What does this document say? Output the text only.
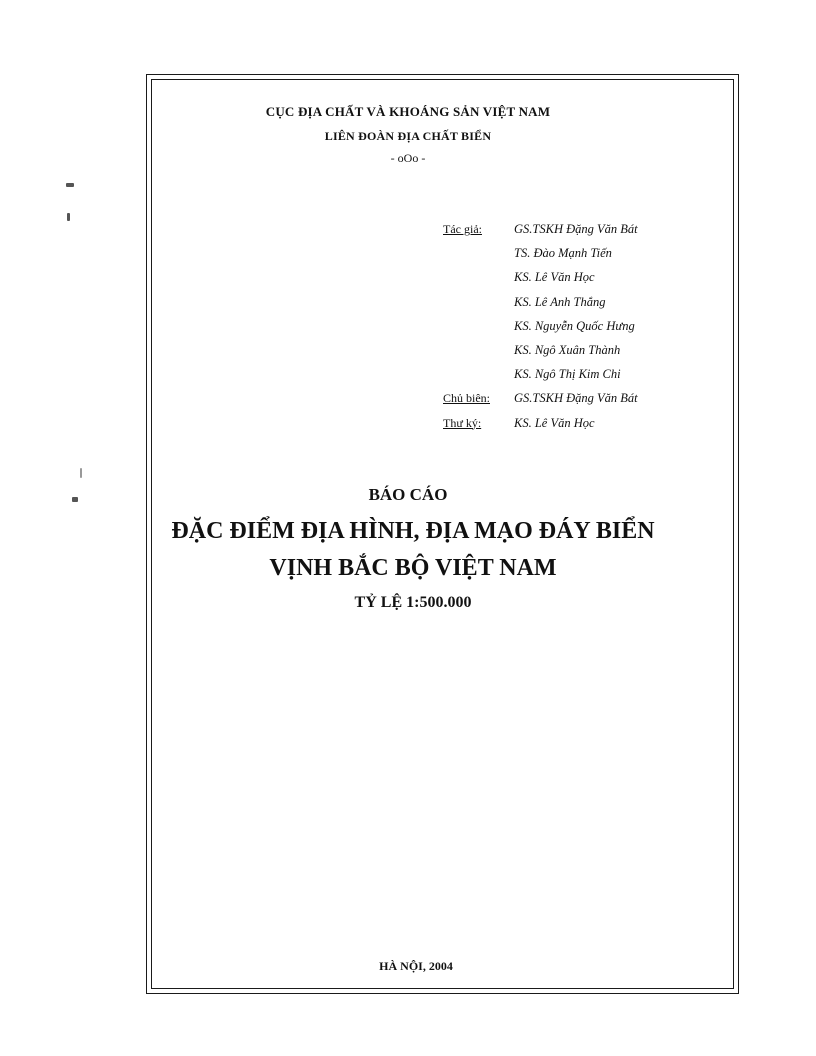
CỤC ĐỊA CHẤT VÀ KHOÁNG SẢN VIỆT NAM
LIÊN ĐOÀN ĐỊA CHẤT BIỂN
- oOo -
Tác giả:	GS.TSKH Đặng Văn Bát
TS. Đào Mạnh Tiến
KS. Lê Văn Học
KS. Lê Anh Thắng
KS. Nguyễn Quốc Hưng
KS. Ngô Xuân Thành
KS. Ngô Thị Kim Chi
Chủ biên:	GS.TSKH Đặng Văn Bát
Thư ký:	KS. Lê Văn Học
BÁO CÁO
ĐẶC ĐIỂM ĐỊA HÌNH, ĐỊA MẠO ĐÁY BIỂN
VỊNH BẮC BỘ VIỆT NAM
TỶ LỆ 1:500.000
HÀ NỘI, 2004
